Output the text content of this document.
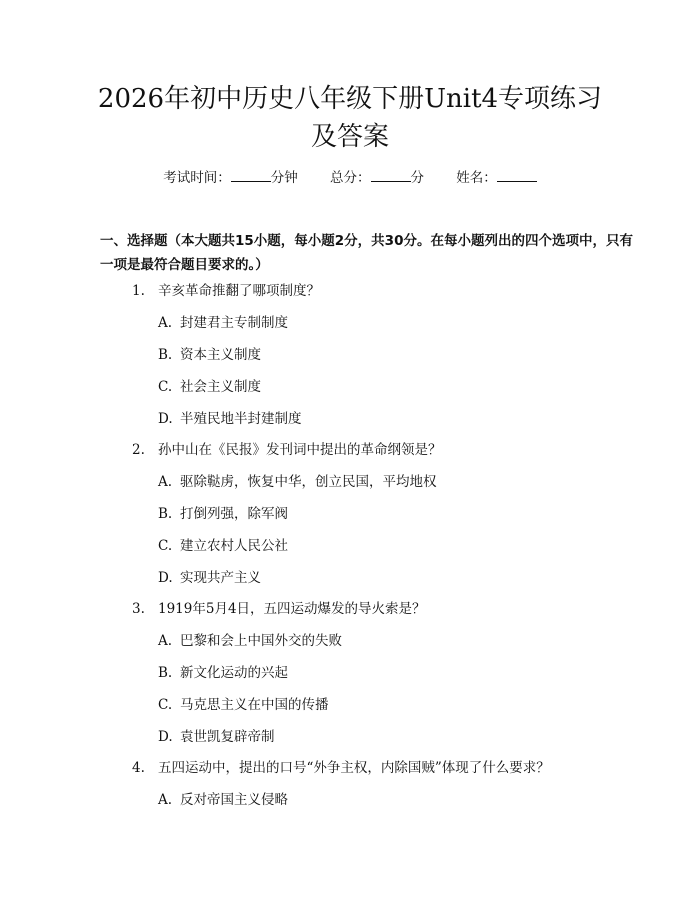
2026年初中历史八年级下册Unit4专项练习
及答案
考试时间：	分钟 总分：	分 姓名：

一、选择题（本大题共15小题，每小题2分，共30分。在每小题列出的四个选项中，只有一项是最符合题目要求的。）

1. 辛亥革命推翻了哪项制度？
A. 封建君主专制制度
B. 资本主义制度
C. 社会主义制度
D. 半殖民地半封建制度
2. 孙中山在《民报》发刊词中提出的革命纲领是？
A. 驱除鞑虏，恢复中华，创立民国，平均地权
B. 打倒列强，除军阀
C. 建立农村人民公社
D. 实现共产主义
3. 1919年5月4日，五四运动爆发的导火索是？
A. 巴黎和会上中国外交的失败
B. 新文化运动的兴起
C. 马克思主义在中国的传播
D. 袁世凯复辟帝制
4. 五四运动中，提出的口号“外争主权，内除国贼”体现了什么要求？
A. 反对帝国主义侵略
